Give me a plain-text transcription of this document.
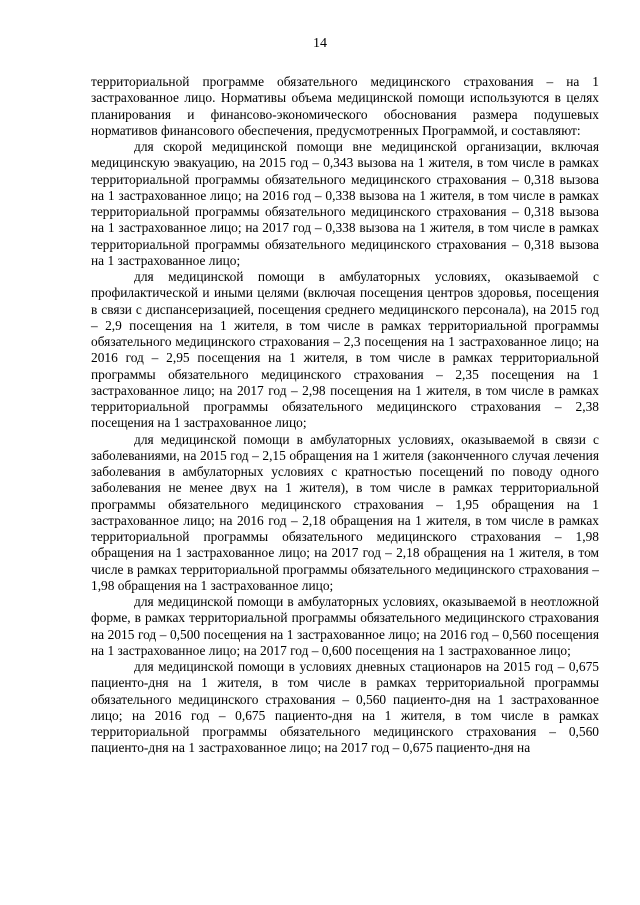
14

территориальной программе обязательного медицинского страхования – на 1 застрахованное лицо. Нормативы объема медицинской помощи используются в целях планирования и финансово-экономического обоснования размера подушевых нормативов финансового обеспечения, предусмотренных Программой, и составляют:

для скорой медицинской помощи вне медицинской организации, включая медицинскую эвакуацию, на 2015 год – 0,343 вызова на 1 жителя, в том числе в рамках территориальной программы обязательного медицинского страхования – 0,318 вызова на 1 застрахованное лицо; на 2016 год – 0,338 вызова на 1 жителя, в том числе в рамках территориальной программы обязательного медицинского страхования – 0,318 вызова на 1 застрахованное лицо; на 2017 год – 0,338 вызова на 1 жителя, в том числе в рамках территориальной программы обязательного медицинского страхования – 0,318 вызова на 1 застрахованное лицо;

для медицинской помощи в амбулаторных условиях, оказываемой с профилактической и иными целями (включая посещения центров здоровья, посещения в связи с диспансеризацией, посещения среднего медицинского персонала), на 2015 год – 2,9 посещения на 1 жителя, в том числе в рамках территориальной программы обязательного медицинского страхования – 2,3 посещения на 1 застрахованное лицо; на 2016 год – 2,95 посещения на 1 жителя, в том числе в рамках территориальной программы обязательного медицинского страхования – 2,35 посещения на 1 застрахованное лицо; на 2017 год – 2,98 посещения на 1 жителя, в том числе в рамках территориальной программы обязательного медицинского страхования – 2,38 посещения на 1 застрахованное лицо;

для медицинской помощи в амбулаторных условиях, оказываемой в связи с заболеваниями, на 2015 год – 2,15 обращения на 1 жителя (законченного случая лечения заболевания в амбулаторных условиях с кратностью посещений по поводу одного заболевания не менее двух на 1 жителя), в том числе в рамках территориальной программы обязательного медицинского страхования – 1,95 обращения на 1 застрахованное лицо; на 2016 год – 2,18 обращения на 1 жителя, в том числе в рамках территориальной программы обязательного медицинского страхования – 1,98 обращения на 1 застрахованное лицо; на 2017 год – 2,18 обращения на 1 жителя, в том числе в рамках территориальной программы обязательного медицинского страхования – 1,98 обращения на 1 застрахованное лицо;

для медицинской помощи в амбулаторных условиях, оказываемой в неотложной форме, в рамках территориальной программы обязательного медицинского страхования на 2015 год – 0,500 посещения на 1 застрахованное лицо; на 2016 год – 0,560 посещения на 1 застрахованное лицо; на 2017 год – 0,600 посещения на 1 застрахованное лицо;

для медицинской помощи в условиях дневных стационаров на 2015 год – 0,675 пациенто-дня на 1 жителя, в том числе в рамках территориальной программы обязательного медицинского страхования – 0,560 пациенто-дня на 1 застрахованное лицо; на 2016 год – 0,675 пациенто-дня на 1 жителя, в том числе в рамках территориальной программы обязательного медицинского страхования – 0,560 пациенто-дня на 1 застрахованное лицо; на 2017 год – 0,675 пациенто-дня на
